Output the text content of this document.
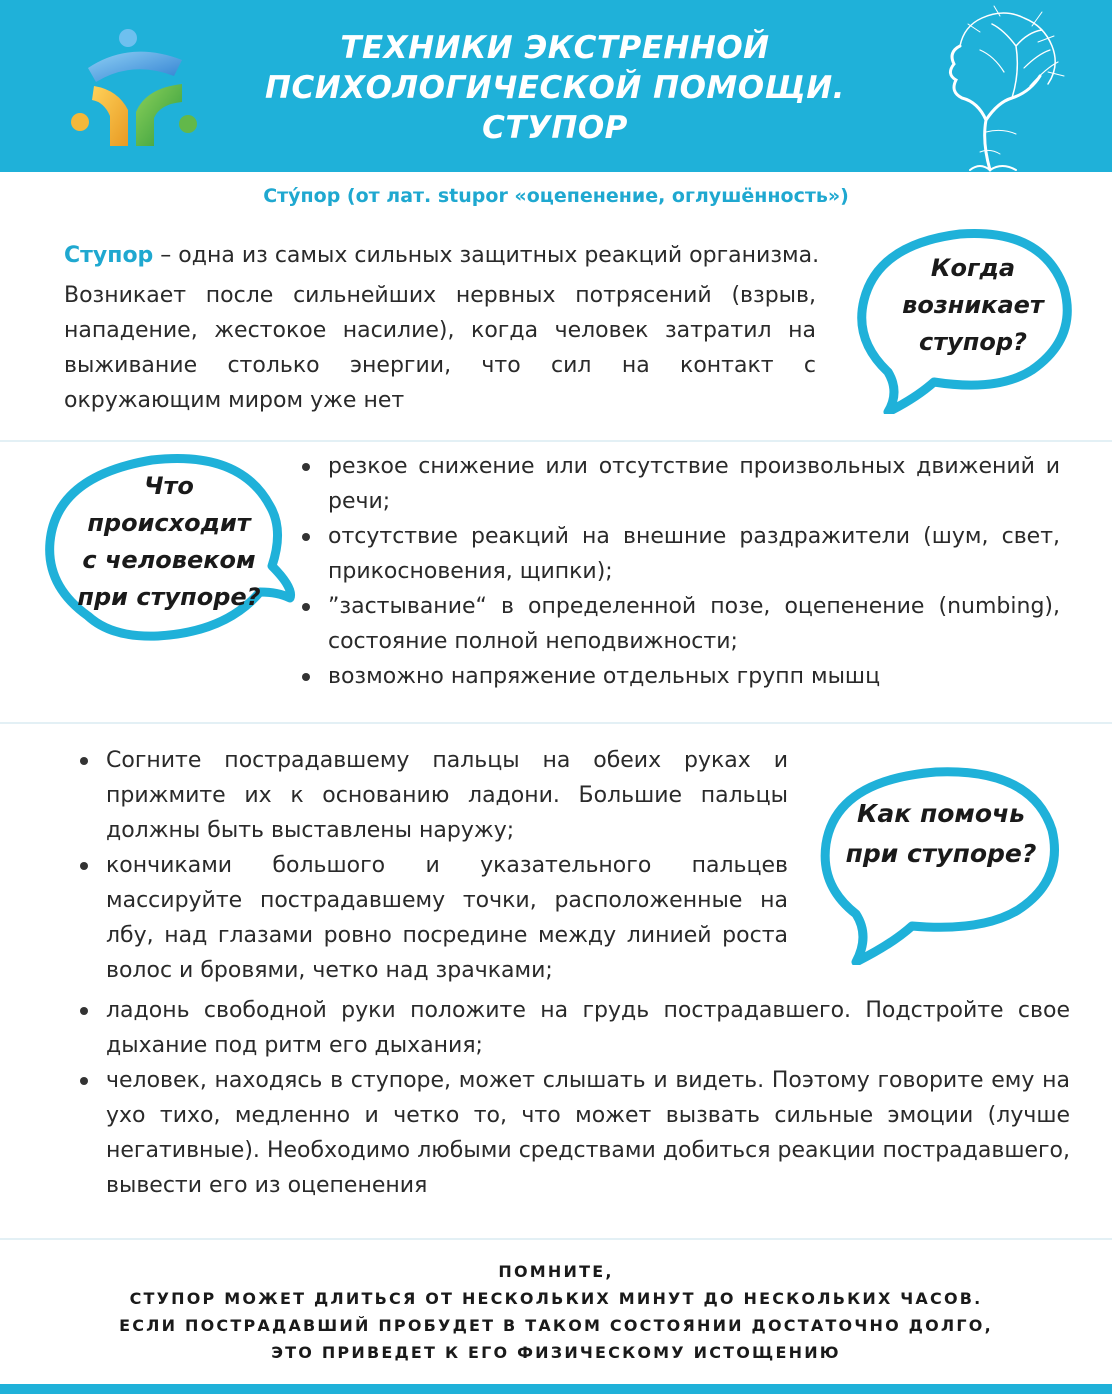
ТЕХНИКИ ЭКСТРЕННОЙ
ПСИХОЛОГИЧЕСКОЙ ПОМОЩИ.
СТУПОР
Сту́пор (от лат. stupor «оцепенение, оглушённость»)
Ступор – одна из самых сильных защитных реакций организма.
Возникает после сильнейших нервных потрясений (взрыв, нападение, жестокое насилие), когда человек затратил на выживание столько энергии, что сил на контакт с окружающим миром уже нет
Когда
возникает
ступор?
Что
происходит
с человеком
при ступоре?
резкое снижение или отсутствие произвольных движений и речи;
отсутствие реакций на внешние раздражители (шум, свет, прикосновения, щипки);
”застывание“ в определенной позе, оцепенение (numbing), состояние полной неподвижности;
возможно напряжение отдельных групп мышц
Согните пострадавшему пальцы на обеих руках и прижмите их к основанию ладони. Большие пальцы должны быть выставлены наружу;
кончиками большого и указательного пальцев массируйте пострадавшему точки, расположенные на лбу, над глазами ровно посредине между линией роста волос и бровями, четко над зрачками;
Как помочь
при ступоре?
ладонь свободной руки положите на грудь пострадавшего. Подстройте свое дыхание под ритм его дыхания;
человек, находясь в ступоре, может слышать и видеть. Поэтому говорите ему на ухо тихо, медленно и четко то, что может вызвать сильные эмоции (лучше негативные). Необходимо любыми средствами добиться реакции пострадавшего, вывести его из оцепенения
ПОМНИТЕ,
СТУПОР МОЖЕТ ДЛИТЬСЯ ОТ НЕСКОЛЬКИХ МИНУТ ДО НЕСКОЛЬКИХ ЧАСОВ.
ЕСЛИ ПОСТРАДАВШИЙ ПРОБУДЕТ В ТАКОМ СОСТОЯНИИ ДОСТАТОЧНО ДОЛГО,
ЭТО ПРИВЕДЕТ К ЕГО ФИЗИЧЕСКОМУ ИСТОЩЕНИЮ
